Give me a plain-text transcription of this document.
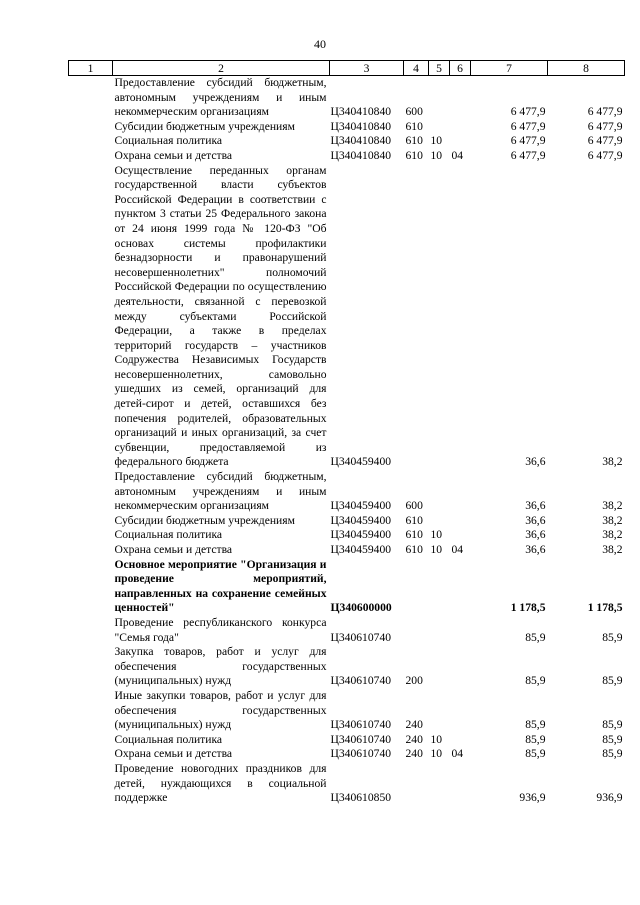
40
1	2	3	4	5	6	7	8
	Предоставление субсидий бюджетным, автономным учреждениям и иным некоммерческим организациям	Ц340410840	600			6 477,9	6 477,9
	Субсидии бюджетным учреждениям	Ц340410840	610			6 477,9	6 477,9
	Социальная политика	Ц340410840	610	10		6 477,9	6 477,9
	Охрана семьи и детства	Ц340410840	610	10	04	6 477,9	6 477,9
	Осуществление переданных органам государственной власти субъектов Российской Федерации в соответствии с пунктом 3 статьи 25 Федерального закона от 24 июня 1999 года № 120-ФЗ "Об основах системы профилактики безнадзорности и правонарушений несовершеннолетних" полномочий Российской Федерации по осуществлению деятельности, связанной с перевозкой между субъектами Российской Федерации, а также в пределах территорий государств – участников Содружества Независимых Государств несовершеннолетних, самовольно ушедших из семей, организаций для детей-сирот и детей, оставшихся без попечения родителей, образовательных организаций и иных организаций, за счет субвенции, предоставляемой из федерального бюджета	Ц340459400				36,6	38,2
	Предоставление субсидий бюджетным, автономным учреждениям и иным некоммерческим организациям	Ц340459400	600			36,6	38,2
	Субсидии бюджетным учреждениям	Ц340459400	610			36,6	38,2
	Социальная политика	Ц340459400	610	10		36,6	38,2
	Охрана семьи и детства	Ц340459400	610	10	04	36,6	38,2
	Основное мероприятие "Организация и проведение мероприятий, направленных на сохранение семейных ценностей"	Ц340600000				1 178,5	1 178,5
	Проведение республиканского конкурса "Семья года"	Ц340610740				85,9	85,9
	Закупка товаров, работ и услуг для обеспечения государственных (муниципальных) нужд	Ц340610740	200			85,9	85,9
	Иные закупки товаров, работ и услуг для обеспечения государственных (муниципальных) нужд	Ц340610740	240			85,9	85,9
	Социальная политика	Ц340610740	240	10		85,9	85,9
	Охрана семьи и детства	Ц340610740	240	10	04	85,9	85,9
	Проведение новогодних праздников для детей, нуждающихся в социальной поддержке	Ц340610850				936,9	936,9
